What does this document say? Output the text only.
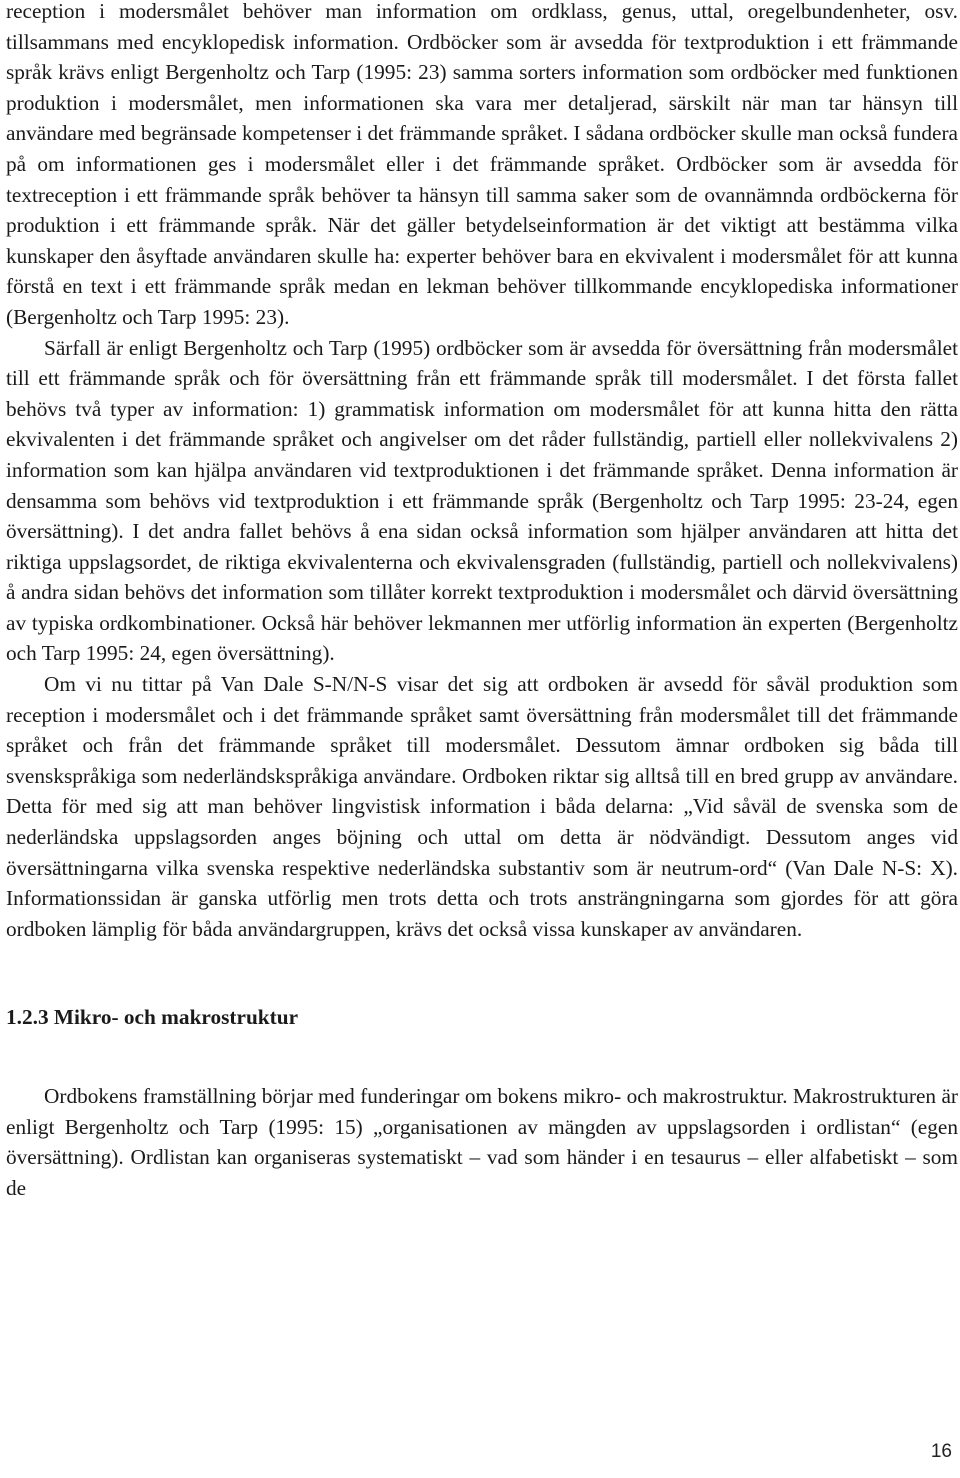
reception i modersmålet behöver man information om ordklass, genus, uttal, oregelbundenheter, osv. tillsammans med encyklopedisk information. Ordböcker som är avsedda för textproduktion i ett främmande språk krävs enligt Bergenholtz och Tarp (1995: 23) samma sorters information som ordböcker med funktionen produktion i modersmålet, men informationen ska vara mer detaljerad, särskilt när man tar hänsyn till användare med begränsade kompetenser i det främmande språket. I sådana ordböcker skulle man också fundera på om informationen ges i modersmålet eller i det främmande språket. Ordböcker som är avsedda för textreception i ett främmande språk behöver ta hänsyn till samma saker som de ovannämnda ordböckerna för produktion i ett främmande språk. När det gäller betydelseinformation är det viktigt att bestämma vilka kunskaper den åsyftade användaren skulle ha: experter behöver bara en ekvivalent i modersmålet för att kunna förstå en text i ett främmande språk medan en lekman behöver tillkommande encyklopediska informationer (Bergenholtz och Tarp 1995: 23).

Särfall är enligt Bergenholtz och Tarp (1995) ordböcker som är avsedda för översättning från modersmålet till ett främmande språk och för översättning från ett främmande språk till modersmålet. I det första fallet behövs två typer av information: 1) grammatisk information om modersmålet för att kunna hitta den rätta ekvivalenten i det främmande språket och angivelser om det råder fullständig, partiell eller nollekvivalens 2) information som kan hjälpa användaren vid textproduktionen i det främmande språket. Denna information är densamma som behövs vid textproduktion i ett främmande språk (Bergenholtz och Tarp 1995: 23-24, egen översättning). I det andra fallet behövs å ena sidan också information som hjälper användaren att hitta det riktiga uppslagsordet, de riktiga ekvivalenterna och ekvivalensgraden (fullständig, partiell och nollekvivalens) å andra sidan behövs det information som tillåter korrekt textproduktion i modersmålet och därvid översättning av typiska ordkombinationer. Också här behöver lekmannen mer utförlig information än experten (Bergenholtz och Tarp 1995: 24, egen översättning).

Om vi nu tittar på Van Dale S-N/N-S visar det sig att ordboken är avsedd för såväl produktion som reception i modersmålet och i det främmande språket samt översättning från modersmålet till det främmande språket och från det främmande språket till modersmålet. Dessutom ämnar ordboken sig båda till svenskspråkiga som nederländskspråkiga användare. Ordboken riktar sig alltså till en bred grupp av användare. Detta för med sig att man behöver lingvistisk information i båda delarna: „Vid såväl de svenska som de nederländska uppslagsorden anges böjning och uttal om detta är nödvändigt. Dessutom anges vid översättningarna vilka svenska respektive nederländska substantiv som är neutrum-ord“ (Van Dale N-S: X). Informationssidan är ganska utförlig men trots detta och trots ansträngningarna som gjordes för att göra ordboken lämplig för båda användargruppen, krävs det också vissa kunskaper av användaren.

1.2.3 Mikro- och makrostruktur

Ordbokens framställning börjar med funderingar om bokens mikro- och makrostruktur. Makrostrukturen är enligt Bergenholtz och Tarp (1995: 15) „organisationen av mängden av uppslagsorden i ordlistan“ (egen översättning). Ordlistan kan organiseras systematiskt – vad som händer i en tesaurus – eller alfabetiskt – som de

16
